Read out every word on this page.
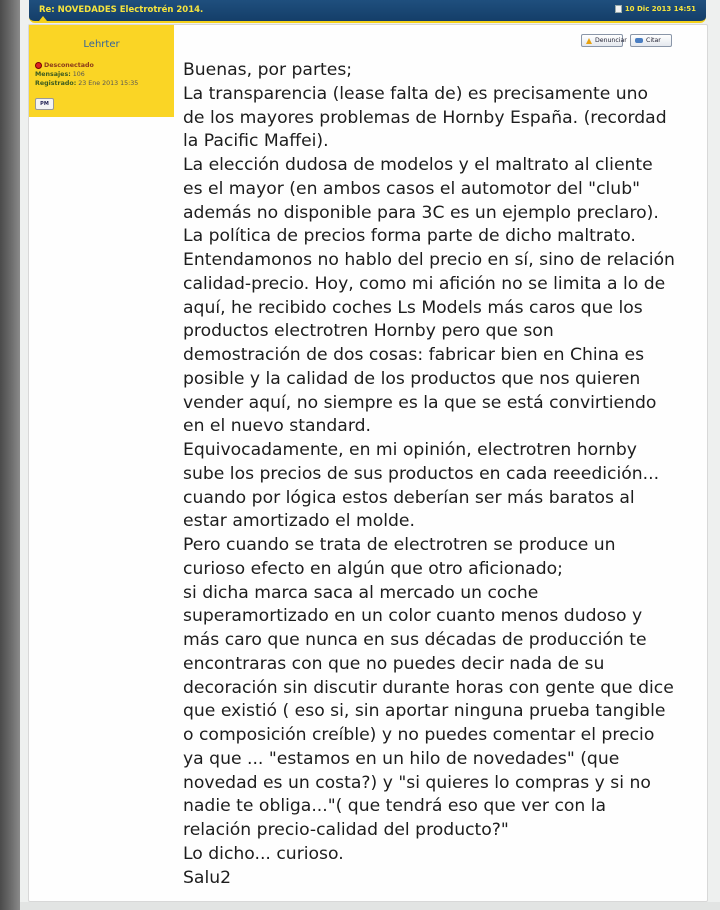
Re: NOVEDADES Electrotrén 2014.	10 Dic 2013 14:51
Lehrter
Desconectado
Mensajes: 106
Registrado: 23 Ene 2013 15:35
PM
Denunciar	Citar

Buenas, por partes;

La transparencia (lease falta de) es precisamente uno de los mayores problemas de Hornby España. (recordad la Pacific Maffei).

La elección dudosa de modelos y el maltrato al cliente es el mayor (en ambos casos el automotor del "club" además no disponible para 3C es un ejemplo preclaro).

La política de precios forma parte de dicho maltrato.

Entendamonos no hablo del precio en sí, sino de relación calidad-precio. Hoy, como mi afición no se limita a lo de aquí, he recibido coches Ls Models más caros que los productos electrotren Hornby pero que son demostración de dos cosas: fabricar bien en China es posible y la calidad de los productos que nos quieren vender aquí, no siempre es la que se está convirtiendo en el nuevo standard.

Equivocadamente, en mi opinión, electrotren hornby sube los precios de sus productos en cada reeedición... cuando por lógica estos deberían ser más baratos al estar amortizado el molde.

Pero cuando se trata de electrotren se produce un curioso efecto en algún que otro aficionado;

si dicha marca saca al mercado un coche superamortizado en un color cuanto menos dudoso y más caro que nunca en sus décadas de producción te encontraras con que no puedes decir nada de su decoración sin discutir durante horas con gente que dice que existió ( eso si, sin aportar ninguna prueba tangible o composición creíble) y no puedes comentar el precio ya que ... "estamos en un hilo de novedades" (que novedad es un costa?) y "si quieres lo compras y si no nadie te obliga..."( que tendrá eso que ver con la relación precio-calidad del producto?"

Lo dicho... curioso.

Salu2
